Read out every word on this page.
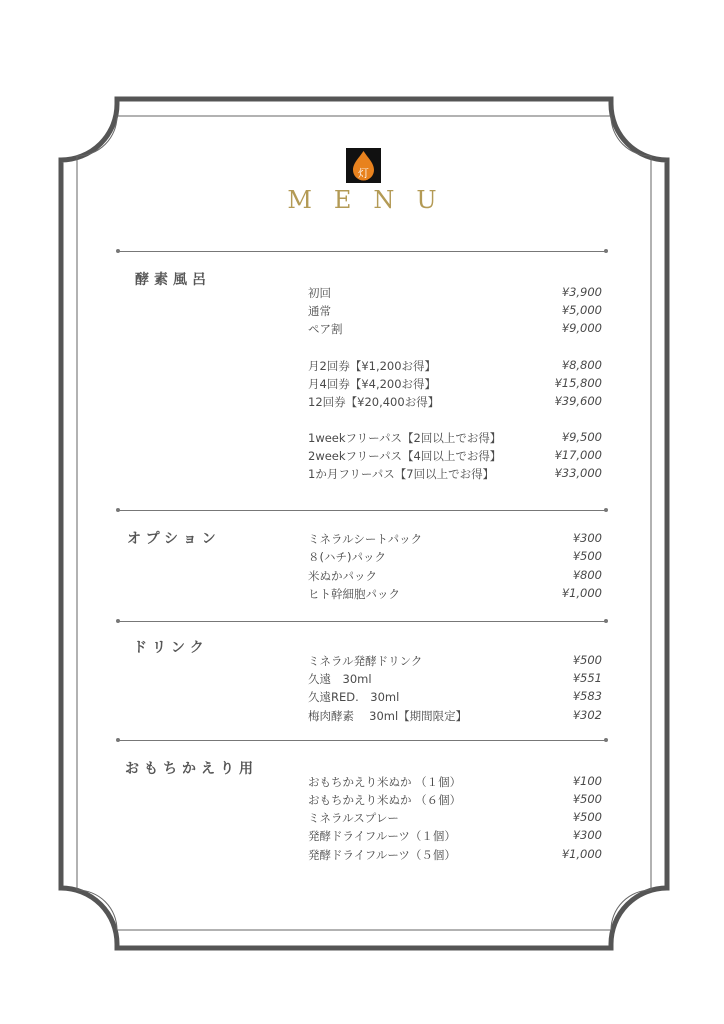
灯
MENU
酵素風呂
初回	¥3,900
通常	¥5,000
ペア割	¥9,000
月2回券【¥1,200お得】	¥8,800
月4回券【¥4,200お得】	¥15,800
12回券【¥20,400お得】	¥39,600
1weekフリーパス【2回以上でお得】	¥9,500
2weekフリーパス【4回以上でお得】	¥17,000
1か月フリーパス【7回以上でお得】	¥33,000
オプション	ミネラルシートパック	¥300
８(ハチ)パック	¥500
米ぬかパック	¥800
ヒト幹細胞パック	¥1,000
ドリンク
ミネラル発酵ドリンク	¥500
久遠　30ml	¥551
久遠RED.　30ml	¥583
梅肉酵素　 30ml【期間限定】	¥302
おもちかえり用
おもちかえり米ぬか （１個）	¥100
おもちかえり米ぬか （６個）	¥500
ミネラルスプレー	¥500
発酵ドライフルーツ（１個）	¥300
発酵ドライフルーツ（５個）	¥1,000
